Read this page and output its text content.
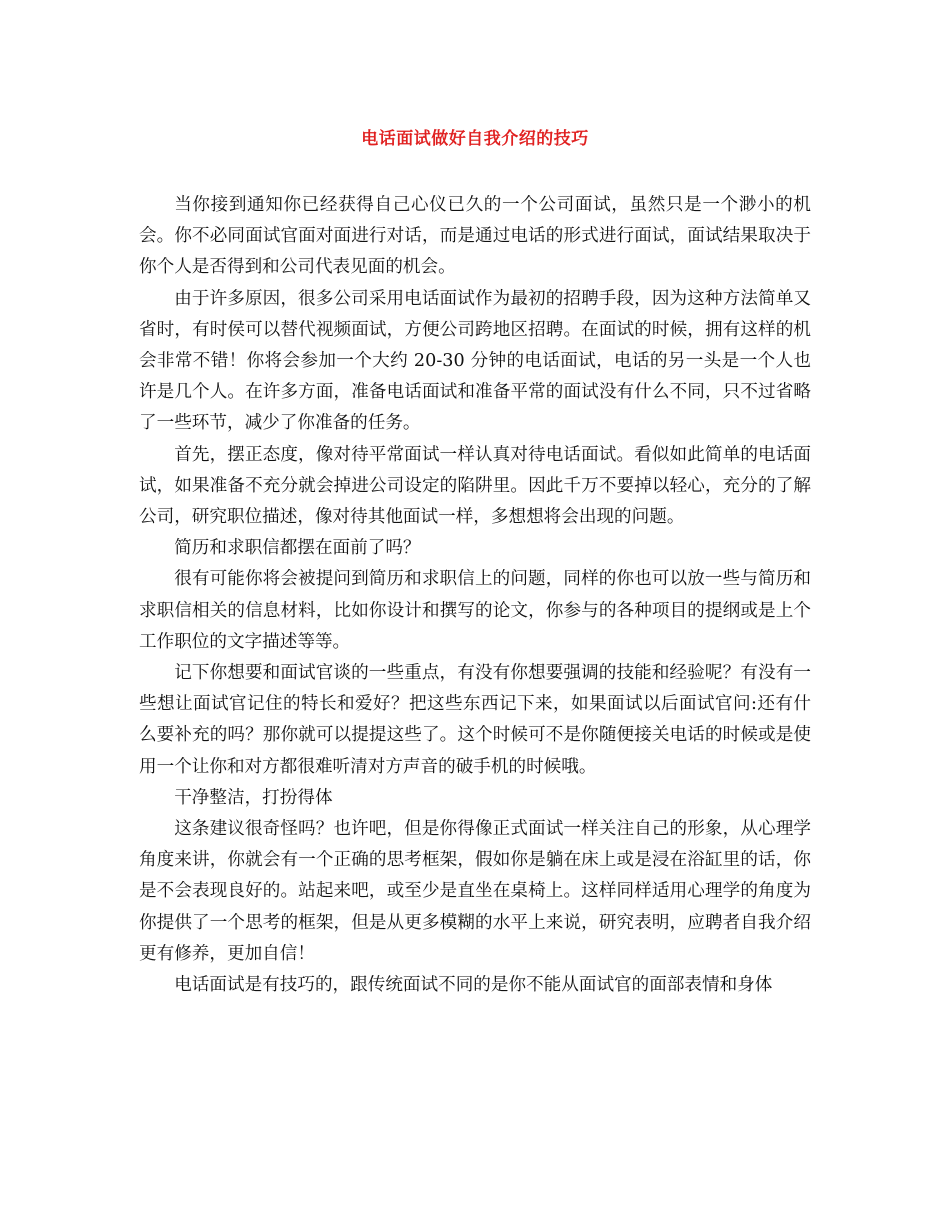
电话面试做好自我介绍的技巧

当你接到通知你已经获得自己心仪已久的一个公司面试，虽然只是一个渺小的机会。你不必同面试官面对面进行对话，而是通过电话的形式进行面试，面试结果取决于你个人是否得到和公司代表见面的机会。

由于许多原因，很多公司采用电话面试作为最初的招聘手段，因为这种方法简单又省时，有时侯可以替代视频面试，方便公司跨地区招聘。在面试的时候，拥有这样的机会非常不错！你将会参加一个大约 20-30 分钟的电话面试，电话的另一头是一个人也许是几个人。在许多方面，准备电话面试和准备平常的面试没有什么不同，只不过省略了一些环节，减少了你准备的任务。

首先，摆正态度，像对待平常面试一样认真对待电话面试。看似如此简单的电话面试，如果准备不充分就会掉进公司设定的陷阱里。因此千万不要掉以轻心，充分的了解公司，研究职位描述，像对待其他面试一样，多想想将会出现的问题。

简历和求职信都摆在面前了吗？

很有可能你将会被提问到简历和求职信上的问题，同样的你也可以放一些与简历和求职信相关的信息材料，比如你设计和撰写的论文，你参与的各种项目的提纲或是上个工作职位的文字描述等等。

记下你想要和面试官谈的一些重点，有没有你想要强调的技能和经验呢？有没有一些想让面试官记住的特长和爱好？把这些东西记下来，如果面试以后面试官问:还有什么要补充的吗？那你就可以提提这些了。这个时候可不是你随便接关电话的时候或是使用一个让你和对方都很难听清对方声音的破手机的时候哦。

干净整洁，打扮得体

这条建议很奇怪吗？也许吧，但是你得像正式面试一样关注自己的形象，从心理学角度来讲，你就会有一个正确的思考框架，假如你是躺在床上或是浸在浴缸里的话，你是不会表现良好的。站起来吧，或至少是直坐在桌椅上。这样同样适用心理学的角度为你提供了一个思考的框架，但是从更多模糊的水平上来说，研究表明，应聘者自我介绍更有修养，更加自信！

电话面试是有技巧的，跟传统面试不同的是你不能从面试官的面部表情和身体
